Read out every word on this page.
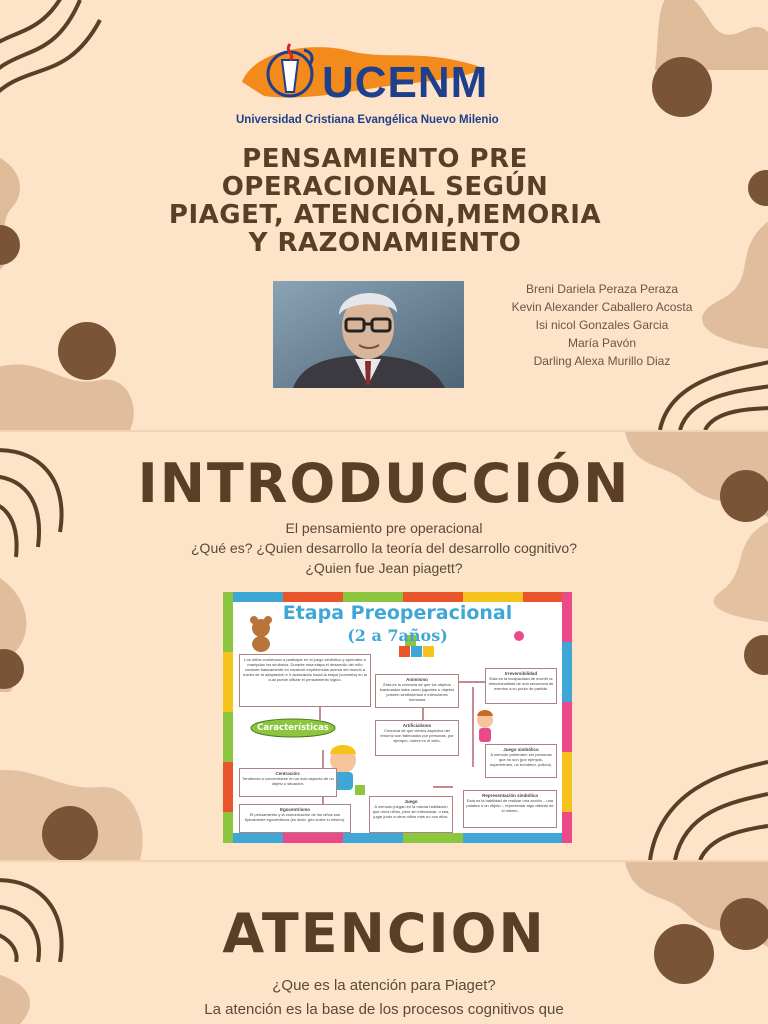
UCENM
Universidad Cristiana Evangélica Nuevo Milenio
PENSAMIENTO PRE
OPERACIONAL SEGÚN
PIAGET, ATENCIÓN,MEMORIA
Y RAZONAMIENTO
Breni Dariela Peraza Peraza
Kevin Alexander Caballero Acosta
Isi nicol Gonzales Garcia
María Pavón
Darling Alexa Murillo Diaz
INTRODUCCIÓN
El pensamiento pre operacional
¿Qué es? ¿Quien desarrollo la teoría del desarrollo cognitivo?
¿Quien fue Jean piagett?
Etapa Preoperacional
(2 a 7años)
Características
Los niños comienzan a participar en el juego simbólico y aprenden a manipular los símbolos. Durante esta etapa el desarrollo del niño consiste básicamente en construir experiencias acerca del mundo a través de la adaptación e ir avanzando hacia la etapa (concreta) en la cual puede utilizar el pensamiento lógico.	Animismo
Esta es la creencia de que los objetos inanimados tales como juguetes u objetos poseen sentimientos e intenciones humanas
Irreversibilidad
Esta es la incapacidad de invertir la direccionalidad de una secuencia de eventos a su punto de partida.
Artificialismo
Creencia de que ciertos aspectos del entorno son fabricados por personas, por ejemplo, nubes en el cielo.
Juego simbólico
A menudo pretenden ser personas que no son (por ejemplo, superhéroes, un bombero, policía).
Centración:
Tendencia a concentrarse en un solo aspecto de un objeto o situación.
Egocentrismo
El pensamiento y la comunicación de los niños son típicamente egocéntricos (es decir, giro sobre sí mismo).
Juego
A menudo juegan en la misma habitación que otros niños, pero sin interactuar, o sea, jugar junto a otros niños más no con ellos.
Representación simbólica
Esta es la habilidad de realizar una acción – una palabra o un objeto – representar algo distinto de sí mismo.
ATENCION
¿Que es la atención para Piaget?
La atención es la base de los procesos cognitivos que
